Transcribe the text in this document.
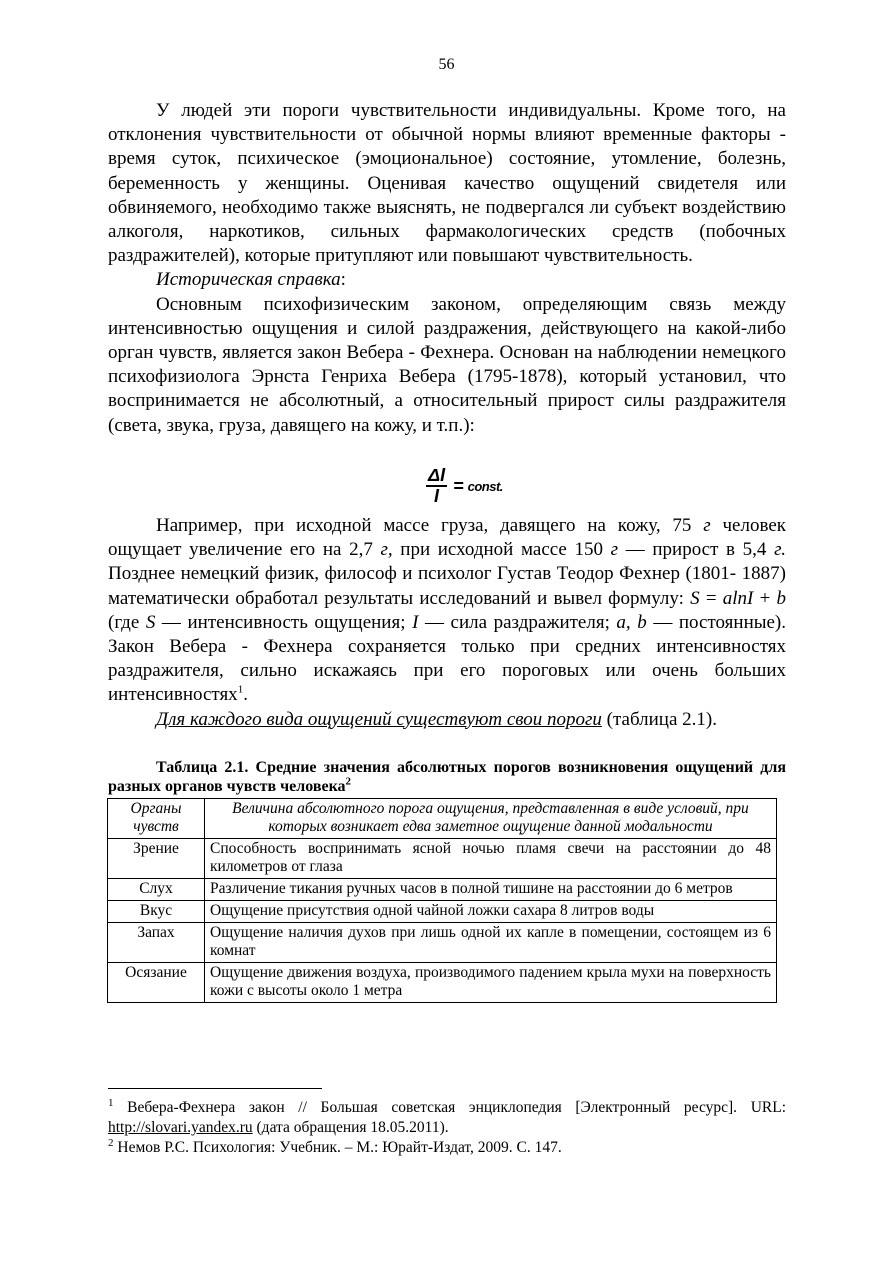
56

У людей эти пороги чувствительности индивидуальны. Кроме того, на отклонения чувствительности от обычной нормы влияют временные факторы - время суток, психическое (эмоциональное) состояние, утомление, болезнь, беременность у женщины. Оценивая качество ощущений свидетеля или обвиняемого, необходимо также выяснять, не подвергался ли субъект воздействию алкоголя, наркотиков, сильных фармакологических средств (побочных раздражителей), которые притупляют или повышают чувствительность.

Историческая справка:

Основным психофизическим законом, определяющим связь между интенсивностью ощущения и силой раздражения, действующего на какой-либо орган чувств, является закон Вебера - Фехнера. Основан на наблюдении немецкого психофизиолога Эрнста Генриха Вебера (1795-1878), который установил, что воспринимается не абсолютный, а относительный прирост силы раздражителя (света, звука, груза, давящего на кожу, и т.п.):

$\frac{\Delta I}{I}$ = const.

Например, при исходной массе груза, давящего на кожу, 75 г человек ощущает увеличение его на 2,7 г, при исходной массе 150 г — прирост в 5,4 г. Позднее немецкий физик, философ и психолог Густав Теодор Фехнер (1801- 1887) математически обработал результаты исследований и вывел формулу: S = alnI + b (где S — интенсивность ощущения; I — сила раздражителя; a, b — постоянные). Закон Вебера - Фехнера сохраняется только при средних интенсивностях раздражителя, сильно искажаясь при его пороговых или очень больших интенсивностях$^1$.

Для каждого вида ощущений существуют свои пороги (таблица 2.1).

Таблица 2.1. Средние значения абсолютных порогов возникновения ощущений для разных органов чувств человека$^2$
Органы чувств	Величина абсолютного порога ощущения, представленная в виде условий, при которых возникает едва заметное ощущение данной модальности
Зрение	Способность воспринимать ясной ночью пламя свечи на расстоянии до 48 километров от глаза
Слух	Различение тикания ручных часов в полной тишине на расстоянии до 6 метров
Вкус	Ощущение присутствия одной чайной ложки сахара 8 литров воды
Запах	Ощущение наличия духов при лишь одной их капле в помещении, состоящем из 6 комнат
Осязание	Ощущение движения воздуха, производимого падением крыла мухи на поверхность кожи с высоты около 1 метра

$^1$ Вебера-Фехнера закон // Большая советская энциклопедия [Электронный ресурс]. URL: http://slovari.yandex.ru (дата обращения 18.05.2011).

$^2$ Немов Р.С. Психология: Учебник. – М.: Юрайт-Издат, 2009. С. 147.
